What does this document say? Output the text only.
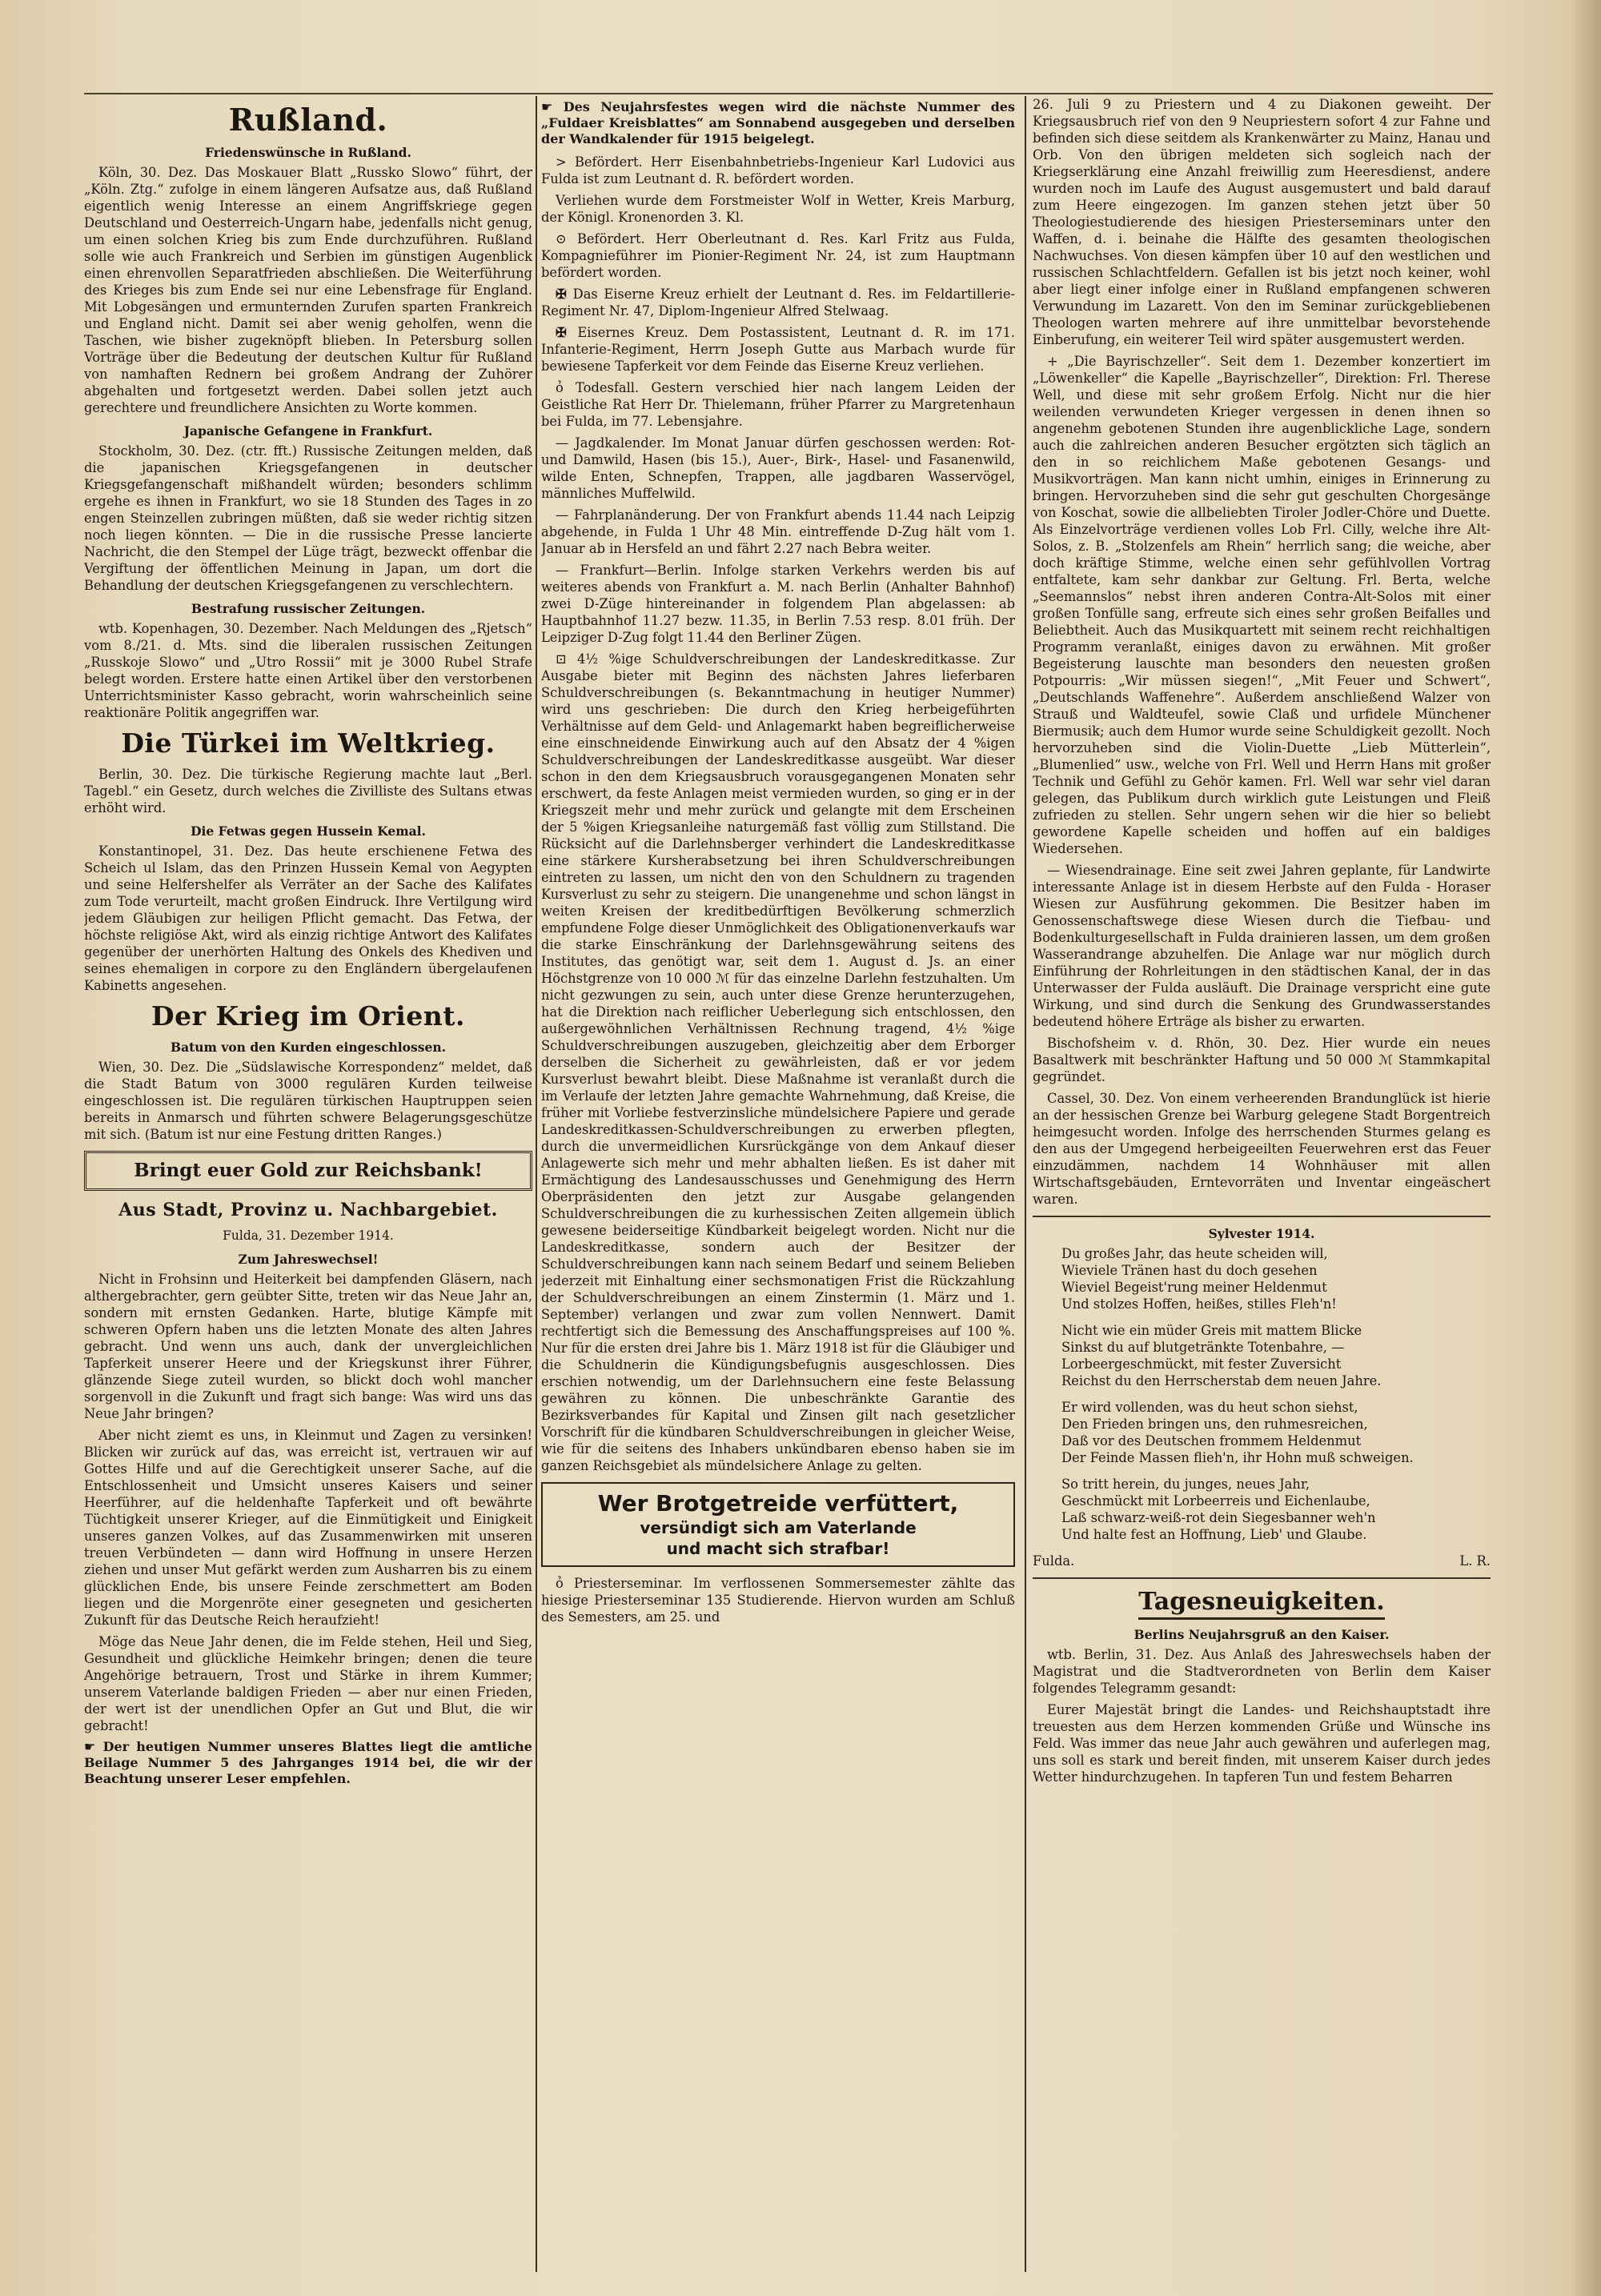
Rußland.
Friedenswünsche in Rußland.

Köln, 30. Dez. Das Moskauer Blatt „Russko Slowo“ führt, der „Köln. Ztg.“ zufolge in einem längeren Aufsatze aus, daß Rußland eigentlich wenig Interesse an einem Angriffskriege gegen Deutschland und Oesterreich-Ungarn habe, jedenfalls nicht genug, um einen solchen Krieg bis zum Ende durchzuführen. Rußland solle wie auch Frankreich und Serbien im günstigen Augenblick einen ehrenvollen Separatfrieden abschließen. Die Weiterführung des Krieges bis zum Ende sei nur eine Lebensfrage für England. Mit Lobgesängen und ermunternden Zurufen sparten Frankreich und England nicht. Damit sei aber wenig geholfen, wenn die Taschen, wie bisher zugeknöpft blieben. In Petersburg sollen Vorträge über die Bedeutung der deutschen Kultur für Rußland von namhaften Rednern bei großem Andrang der Zuhörer abgehalten und fortgesetzt werden. Dabei sollen jetzt auch gerechtere und freundlichere Ansichten zu Worte kommen.

Japanische Gefangene in Frankfurt.

Stockholm, 30. Dez. (ctr. fft.) Russische Zeitungen melden, daß die japanischen Kriegsgefangenen in deutscher Kriegsgefangenschaft mißhandelt würden; besonders schlimm ergehe es ihnen in Frankfurt, wo sie 18 Stunden des Tages in zo engen Steinzellen zubringen müßten, daß sie weder richtig sitzen noch liegen könnten. — Die in die russische Presse lancierte Nachricht, die den Stempel der Lüge trägt, bezweckt offenbar die Vergiftung der öffentlichen Meinung in Japan, um dort die Behandlung der deutschen Kriegsgefangenen zu verschlechtern.

Bestrafung russischer Zeitungen.

wtb. Kopenhagen, 30. Dezember. Nach Meldungen des „Rjetsch“ vom 8./21. d. Mts. sind die liberalen russischen Zeitungen „Russkoje Slowo“ und „Utro Rossii“ mit je 3000 Rubel Strafe belegt worden. Erstere hatte einen Artikel über den verstorbenen Unterrichtsminister Kasso gebracht, worin wahrscheinlich seine reaktionäre Politik angegriffen war.

Die Türkei im Weltkrieg.

Berlin, 30. Dez. Die türkische Regierung machte laut „Berl. Tagebl.“ ein Gesetz, durch welches die Zivilliste des Sultans etwas erhöht wird.

Die Fetwas gegen Hussein Kemal.

Konstantinopel, 31. Dez. Das heute erschienene Fetwa des Scheich ul Islam, das den Prinzen Hussein Kemal von Aegypten und seine Helfershelfer als Verräter an der Sache des Kalifates zum Tode verurteilt, macht großen Eindruck. Ihre Vertilgung wird jedem Gläubigen zur heiligen Pflicht gemacht. Das Fetwa, der höchste religiöse Akt, wird als einzig richtige Antwort des Kalifates gegenüber der unerhörten Haltung des Onkels des Khediven und seines ehemaligen in corpore zu den Engländern übergelaufenen Kabinetts angesehen.

Der Krieg im Orient.
Batum von den Kurden eingeschlossen.

Wien, 30. Dez. Die „Südslawische Korrespondenz“ meldet, daß die Stadt Batum von 3000 regulären Kurden teilweise eingeschlossen ist. Die regulären türkischen Hauptruppen seien bereits in Anmarsch und führten schwere Belagerungsgeschütze mit sich. (Batum ist nur eine Festung dritten Ranges.)

Bringt euer Gold zur Reichsbank!
Aus Stadt, Provinz u. Nachbargebiet.
Fulda, 31. Dezember 1914.
Zum Jahreswechsel!

Nicht in Frohsinn und Heiterkeit bei dampfenden Gläsern, nach althergebrachter, gern geübter Sitte, treten wir das Neue Jahr an, sondern mit ernsten Gedanken. Harte, blutige Kämpfe mit schweren Opfern haben uns die letzten Monate des alten Jahres gebracht. Und wenn uns auch, dank der unvergleichlichen Tapferkeit unserer Heere und der Kriegskunst ihrer Führer, glänzende Siege zuteil wurden, so blickt doch wohl mancher sorgenvoll in die Zukunft und fragt sich bange: Was wird uns das Neue Jahr bringen?

Aber nicht ziemt es uns, in Kleinmut und Zagen zu versinken! Blicken wir zurück auf das, was erreicht ist, vertrauen wir auf Gottes Hilfe und auf die Gerechtigkeit unserer Sache, auf die Entschlossenheit und Umsicht unseres Kaisers und seiner Heerführer, auf die heldenhafte Tapferkeit und oft bewährte Tüchtigkeit unserer Krieger, auf die Einmütigkeit und Einigkeit unseres ganzen Volkes, auf das Zusammenwirken mit unseren treuen Verbündeten — dann wird Hoffnung in unsere Herzen ziehen und unser Mut gefärkt werden zum Ausharren bis zu einem glücklichen Ende, bis unsere Feinde zerschmettert am Boden liegen und die Morgenröte einer gesegneten und gesicherten Zukunft für das Deutsche Reich heraufzieht!

Möge das Neue Jahr denen, die im Felde stehen, Heil und Sieg, Gesundheit und glückliche Heimkehr bringen; denen die teure Angehörige betrauern, Trost und Stärke in ihrem Kummer; unserem Vaterlande baldigen Frieden — aber nur einen Frieden, der wert ist der unendlichen Opfer an Gut und Blut, die wir gebracht!

☛ Der heutigen Nummer unseres Blattes liegt die amtliche Beilage Nummer 5 des Jahrganges 1914 bei, die wir der Beachtung unserer Leser empfehlen.

☛ Des Neujahrsfestes wegen wird die nächste Nummer des „Fuldaer Kreisblattes“ am Sonnabend ausgegeben und derselben der Wandkalender für 1915 beigelegt.

> Befördert. Herr Eisenbahnbetriebs-Ingenieur Karl Ludovici aus Fulda ist zum Leutnant d. R. befördert worden.

Verliehen wurde dem Forstmeister Wolf in Wetter, Kreis Marburg, der Königl. Kronenorden 3. Kl.

⊙ Befördert. Herr Oberleutnant d. Res. Karl Fritz aus Fulda, Kompagnieführer im Pionier-Regiment Nr. 24, ist zum Hauptmann befördert worden.

✠ Das Eiserne Kreuz erhielt der Leutnant d. Res. im Feldartillerie-Regiment Nr. 47, Diplom-Ingenieur Alfred Stelwaag.

✠ Eisernes Kreuz. Dem Postassistent, Leutnant d. R. im 171. Infanterie-Regiment, Herrn Joseph Gutte aus Marbach wurde für bewiesene Tapferkeit vor dem Feinde das Eiserne Kreuz verliehen.

ỏ Todesfall. Gestern verschied hier nach langem Leiden der Geistliche Rat Herr Dr. Thielemann, früher Pfarrer zu Margretenhaun bei Fulda, im 77. Lebensjahre.

— Jagdkalender. Im Monat Januar dürfen geschossen werden: Rot- und Damwild, Hasen (bis 15.), Auer-, Birk-, Hasel- und Fasanenwild, wilde Enten, Schnepfen, Trappen, alle jagdbaren Wasservögel, männliches Muffelwild.

— Fahrplanänderung. Der von Frankfurt abends 11.44 nach Leipzig abgehende, in Fulda 1 Uhr 48 Min. eintreffende D-Zug hält vom 1. Januar ab in Hersfeld an und fährt 2.27 nach Bebra weiter.

— Frankfurt—Berlin. Infolge starken Verkehrs werden bis auf weiteres abends von Frankfurt a. M. nach Berlin (Anhalter Bahnhof) zwei D-Züge hintereinander in folgendem Plan abgelassen: ab Hauptbahnhof 11.27 bezw. 11.35, in Berlin 7.53 resp. 8.01 früh. Der Leipziger D-Zug folgt 11.44 den Berliner Zügen.

⊡ 4½ %ige Schuldverschreibungen der Landeskreditkasse. Zur Ausgabe bieter mit Beginn des nächsten Jahres lieferbaren Schuldverschreibungen (s. Bekanntmachung in heutiger Nummer) wird uns geschrieben: Die durch den Krieg herbeigeführten Verhältnisse auf dem Geld- und Anlagemarkt haben begreiflicherweise eine einschneidende Einwirkung auch auf den Absatz der 4 %igen Schuldverschreibungen der Landeskreditkasse ausgeübt. War dieser schon in den dem Kriegsausbruch vorausgegangenen Monaten sehr erschwert, da feste Anlagen meist vermieden wurden, so ging er in der Kriegszeit mehr und mehr zurück und gelangte mit dem Erscheinen der 5 %igen Kriegsanleihe naturgemäß fast völlig zum Stillstand. Die Rücksicht auf die Darlehnsberger verhindert die Landeskreditkasse eine stärkere Kursherabsetzung bei ihren Schuldverschreibungen eintreten zu lassen, um nicht den von den Schuldnern zu tragenden Kursverlust zu sehr zu steigern. Die unangenehme und schon längst in weiten Kreisen der kreditbedürftigen Bevölkerung schmerzlich empfundene Folge dieser Unmöglichkeit des Obligationenverkaufs war die starke Einschränkung der Darlehnsgewährung seitens des Institutes, das genötigt war, seit dem 1. August d. Js. an einer Höchstgrenze von 10 000 ℳ für das einzelne Darlehn festzuhalten. Um nicht gezwungen zu sein, auch unter diese Grenze herunterzugehen, hat die Direktion nach reiflicher Ueberlegung sich entschlossen, den außergewöhnlichen Verhältnissen Rechnung tragend, 4½ %ige Schuldverschreibungen auszugeben, gleichzeitig aber dem Erborger derselben die Sicherheit zu gewährleisten, daß er vor jedem Kursverlust bewahrt bleibt. Diese Maßnahme ist veranlaßt durch die im Verlaufe der letzten Jahre gemachte Wahrnehmung, daß Kreise, die früher mit Vorliebe festverzinsliche mündelsichere Papiere und gerade Landeskreditkassen-Schuldverschreibungen zu erwerben pflegten, durch die unvermeidlichen Kursrückgänge von dem Ankauf dieser Anlagewerte sich mehr und mehr abhalten ließen. Es ist daher mit Ermächtigung des Landesausschusses und Genehmigung des Herrn Oberpräsidenten den jetzt zur Ausgabe gelangenden Schuldverschreibungen die zu kurhessischen Zeiten allgemein üblich gewesene beiderseitige Kündbarkeit beigelegt worden. Nicht nur die Landeskreditkasse, sondern auch der Besitzer der Schuldverschreibungen kann nach seinem Bedarf und seinem Belieben jederzeit mit Einhaltung einer sechsmonatigen Frist die Rückzahlung der Schuldverschreibungen an einem Zinstermin (1. März und 1. September) verlangen und zwar zum vollen Nennwert. Damit rechtfertigt sich die Bemessung des Anschaffungspreises auf 100 %. Nur für die ersten drei Jahre bis 1. März 1918 ist für die Gläubiger und die Schuldnerin die Kündigungsbefugnis ausgeschlossen. Dies erschien notwendig, um der Darlehnsuchern eine feste Belassung gewähren zu können. Die unbeschränkte Garantie des Bezirksverbandes für Kapital und Zinsen gilt nach gesetzlicher Vorschrift für die kündbaren Schuldverschreibungen in gleicher Weise, wie für die seitens des Inhabers unkündbaren ebenso haben sie im ganzen Reichsgebiet als mündelsichere Anlage zu gelten.

Wer Brotgetreide verfüttert,
versündigt sich am Vaterlande
und macht sich strafbar!

ỏ Priesterseminar. Im verflossenen Sommersemester zählte das hiesige Priesterseminar 135 Studierende. Hiervon wurden am Schluß des Semesters, am 25. und

26. Juli 9 zu Priestern und 4 zu Diakonen geweiht. Der Kriegsausbruch rief von den 9 Neupriestern sofort 4 zur Fahne und befinden sich diese seitdem als Krankenwärter zu Mainz, Hanau und Orb. Von den übrigen meldeten sich sogleich nach der Kriegserklärung eine Anzahl freiwillig zum Heeresdienst, andere wurden noch im Laufe des August ausgemustert und bald darauf zum Heere eingezogen. Im ganzen stehen jetzt über 50 Theologiestudierende des hiesigen Priesterseminars unter den Waffen, d. i. beinahe die Hälfte des gesamten theologischen Nachwuchses. Von diesen kämpfen über 10 auf den westlichen und russischen Schlachtfeldern. Gefallen ist bis jetzt noch keiner, wohl aber liegt einer infolge einer in Rußland empfangenen schweren Verwundung im Lazarett. Von den im Seminar zurückgebliebenen Theologen warten mehrere auf ihre unmittelbar bevorstehende Einberufung, ein weiterer Teil wird später ausgemustert werden.

+ „Die Bayrischzeller“. Seit dem 1. Dezember konzertiert im „Löwenkeller“ die Kapelle „Bayrischzeller“, Direktion: Frl. Therese Well, und diese mit sehr großem Erfolg. Nicht nur die hier weilenden verwundeten Krieger vergessen in denen ihnen so angenehm gebotenen Stunden ihre augenblickliche Lage, sondern auch die zahlreichen anderen Besucher ergötzten sich täglich an den in so reichlichem Maße gebotenen Gesangs- und Musikvorträgen. Man kann nicht umhin, einiges in Erinnerung zu bringen. Hervorzuheben sind die sehr gut geschulten Chorgesänge von Koschat, sowie die allbeliebten Tiroler Jodler-Chöre und Duette. Als Einzelvorträge verdienen volles Lob Frl. Cilly, welche ihre Alt-Solos, z. B. „Stolzenfels am Rhein“ herrlich sang; die weiche, aber doch kräftige Stimme, welche einen sehr gefühlvollen Vortrag entfaltete, kam sehr dankbar zur Geltung. Frl. Berta, welche „Seemannslos“ nebst ihren anderen Contra-Alt-Solos mit einer großen Tonfülle sang, erfreute sich eines sehr großen Beifalles und Beliebtheit. Auch das Musikquartett mit seinem recht reichhaltigen Programm veranlaßt, einiges davon zu erwähnen. Mit großer Begeisterung lauschte man besonders den neuesten großen Potpourris: „Wir müssen siegen!“, „Mit Feuer und Schwert“, „Deutschlands Waffenehre“. Außerdem anschließend Walzer von Strauß und Waldteufel, sowie Claß und urfidele Münchener Biermusik; auch dem Humor wurde seine Schuldigkeit gezollt. Noch hervorzuheben sind die Violin-Duette „Lieb Mütterlein“, „Blumenlied“ usw., welche von Frl. Well und Herrn Hans mit großer Technik und Gefühl zu Gehör kamen. Frl. Well war sehr viel daran gelegen, das Publikum durch wirklich gute Leistungen und Fleiß zufrieden zu stellen. Sehr ungern sehen wir die hier so beliebt gewordene Kapelle scheiden und hoffen auf ein baldiges Wiedersehen.

— Wiesendrainage. Eine seit zwei Jahren geplante, für Landwirte interessante Anlage ist in diesem Herbste auf den Fulda - Horaser Wiesen zur Ausführung gekommen. Die Besitzer haben im Genossenschaftswege diese Wiesen durch die Tiefbau- und Bodenkulturgesellschaft in Fulda drainieren lassen, um dem großen Wasserandrange abzuhelfen. Die Anlage war nur möglich durch Einführung der Rohrleitungen in den städtischen Kanal, der in das Unterwasser der Fulda ausläuft. Die Drainage verspricht eine gute Wirkung, und sind durch die Senkung des Grundwasserstandes bedeutend höhere Erträge als bisher zu erwarten.

Bischofsheim v. d. Rhön, 30. Dez. Hier wurde ein neues Basaltwerk mit beschränkter Haftung und 50 000 ℳ Stammkapital gegründet.

Cassel, 30. Dez. Von einem verheerenden Brandunglück ist hierie an der hessischen Grenze bei Warburg gelegene Stadt Borgentreich heimgesucht worden. Infolge des herrschenden Sturmes gelang es den aus der Umgegend herbeigeeilten Feuerwehren erst das Feuer einzudämmen, nachdem 14 Wohnhäuser mit allen Wirtschaftsgebäuden, Erntevorräten und Inventar eingeäschert waren.

Sylvester 1914.
Du großes Jahr, das heute scheiden will,
Wieviele Tränen hast du doch gesehen
Wieviel Begeist'rung meiner Heldenmut
Und stolzes Hoffen, heißes, stilles Fleh'n!
Nicht wie ein müder Greis mit mattem Blicke
Sinkst du auf blutgetränkte Totenbahre, —
Lorbeergeschmückt, mit fester Zuversicht
Reichst du den Herrscherstab dem neuen Jahre.
Er wird vollenden, was du heut schon siehst,
Den Frieden bringen uns, den ruhmesreichen,
Daß vor des Deutschen frommem Heldenmut
Der Feinde Massen flieh'n, ihr Hohn muß schweigen.
So tritt herein, du junges, neues Jahr,
Geschmückt mit Lorbeerreis und Eichenlaube,
Laß schwarz-weiß-rot dein Siegesbanner weh'n
Und halte fest an Hoffnung, Lieb' und Glaube.
Fulda.	L. R.
Tagesneuigkeiten.
Berlins Neujahrsgruß an den Kaiser.

wtb. Berlin, 31. Dez. Aus Anlaß des Jahreswechsels haben der Magistrat und die Stadtverordneten von Berlin dem Kaiser folgendes Telegramm gesandt:

Eurer Majestät bringt die Landes- und Reichshauptstadt ihre treuesten aus dem Herzen kommenden Grüße und Wünsche ins Feld. Was immer das neue Jahr auch gewähren und auferlegen mag, uns soll es stark und bereit finden, mit unserem Kaiser durch jedes Wetter hindurchzugehen. In tapferen Tun und festem Beharren
